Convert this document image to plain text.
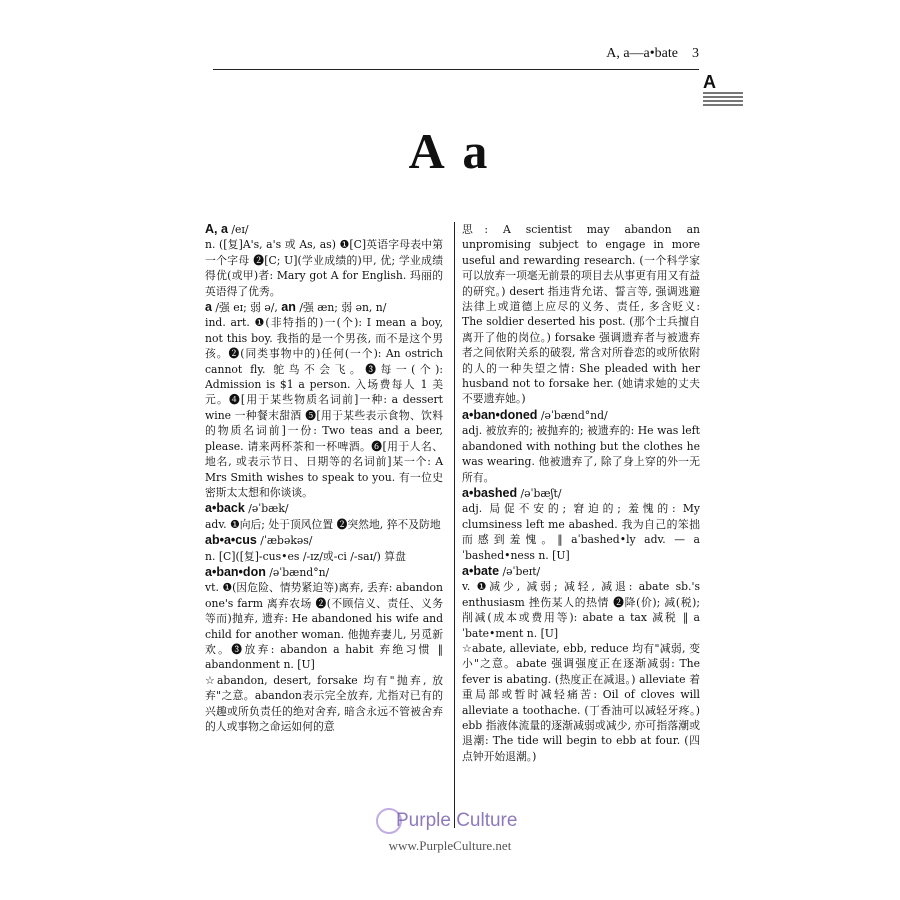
A, a—a•bate 3
A
A a

A, a /eɪ/

n. ([复]A's, a's 或 As, as) ❶[C]英语字母表中第一个字母 ❷[C; U](学业成绩的)甲, 优; 学业成绩得优(或甲)者: Mary got A for English. 玛丽的英语得了优秀。

a /强 eɪ; 弱 ə/, an /强 æn; 弱 ən, n/

ind. art. ❶(非特指的)一(个): I mean a boy, not this boy. 我指的是一个男孩, 而不是这个男孩。❷(同类事物中的)任何(一个): An ostrich cannot fly. 鸵鸟不会飞。❸每一(个): Admission is $1 a person. 入场费每人 1 美元。❹[用于某些物质名词前]一种: a dessert wine 一种餐末甜酒 ❺[用于某些表示食物、饮料的物质名词前]一份: Two teas and a beer, please. 请来两杯茶和一杯啤酒。❻[用于人名、地名, 或表示节日、日期等的名词前]某一个: A Mrs Smith wishes to speak to you. 有一位史密斯太太想和你谈谈。

a•back /əˈbæk/

adv. ❶向后; 处于顶风位置 ❷突然地, 猝不及防地

ab•a•cus /ˈæbəkəs/

n. [C]([复]-cus•es /-ɪz/或-ci /-saɪ/) 算盘

a•ban•don /əˈbænd°n/

vt. ❶(因危险、情势紧迫等)离弃, 丢弃: abandon one's farm 离弃农场 ❷(不顾信义、责任、义务等而)抛弃, 遗弃: He abandoned his wife and child for another woman. 他抛弃妻儿, 另觅新欢。❸放弃: abandon a habit 弃绝习惯 ‖ abandonment n. [U]

☆abandon, desert, forsake 均有"抛弃, 放弃"之意。abandon表示完全放弃, 尤指对已有的兴趣或所负责任的绝对舍弃, 暗含永远不管被舍弃的人或事物之命运如何的意

思: A scientist may abandon an unpromising subject to engage in more useful and rewarding research. (一个科学家可以放弃一项毫无前景的项目去从事更有用又有益的研究。) desert 指违背允诺、誓言等, 强调逃避法律上或道德上应尽的义务、责任, 多含贬义: The soldier deserted his post. (那个士兵擅自离开了他的岗位。) forsake 强调遗弃者与被遗弃者之间依附关系的破裂, 常含对所眷恋的或所依附的人的一种失望之情: She pleaded with her husband not to forsake her. (她请求她的丈夫不要遗弃她。)

a•ban•doned /əˈbænd°nd/

adj. 被放弃的; 被抛弃的; 被遗弃的: He was left abandoned with nothing but the clothes he was wearing. 他被遗弃了, 除了身上穿的外一无所有。

a•bashed /əˈbæʃt/

adj. 局促不安的; 窘迫的; 羞愧的: My clumsiness left me abashed. 我为自己的笨拙而感到羞愧。‖ aˈbashed•ly adv. — aˈbashed•ness n. [U]

a•bate /əˈbeɪt/

v. ❶减少, 减弱; 减轻, 减退: abate sb.'s enthusiasm 挫伤某人的热情 ❷降(价); 减(税); 削减(成本或费用等): abate a tax 减税 ‖ aˈbate•ment n. [U]

☆abate, alleviate, ebb, reduce 均有"减弱, 变小"之意。abate 强调强度正在逐渐减弱: The fever is abating. (热度正在减退。) alleviate 着重局部或暂时减轻痛苦: Oil of cloves will alleviate a toothache. (丁香油可以减轻牙疼。) ebb 指液体流量的逐渐减弱或减少, 亦可指落潮或退潮: The tide will begin to ebb at four. (四点钟开始退潮。)

Purple Culture
www.PurpleCulture.net
